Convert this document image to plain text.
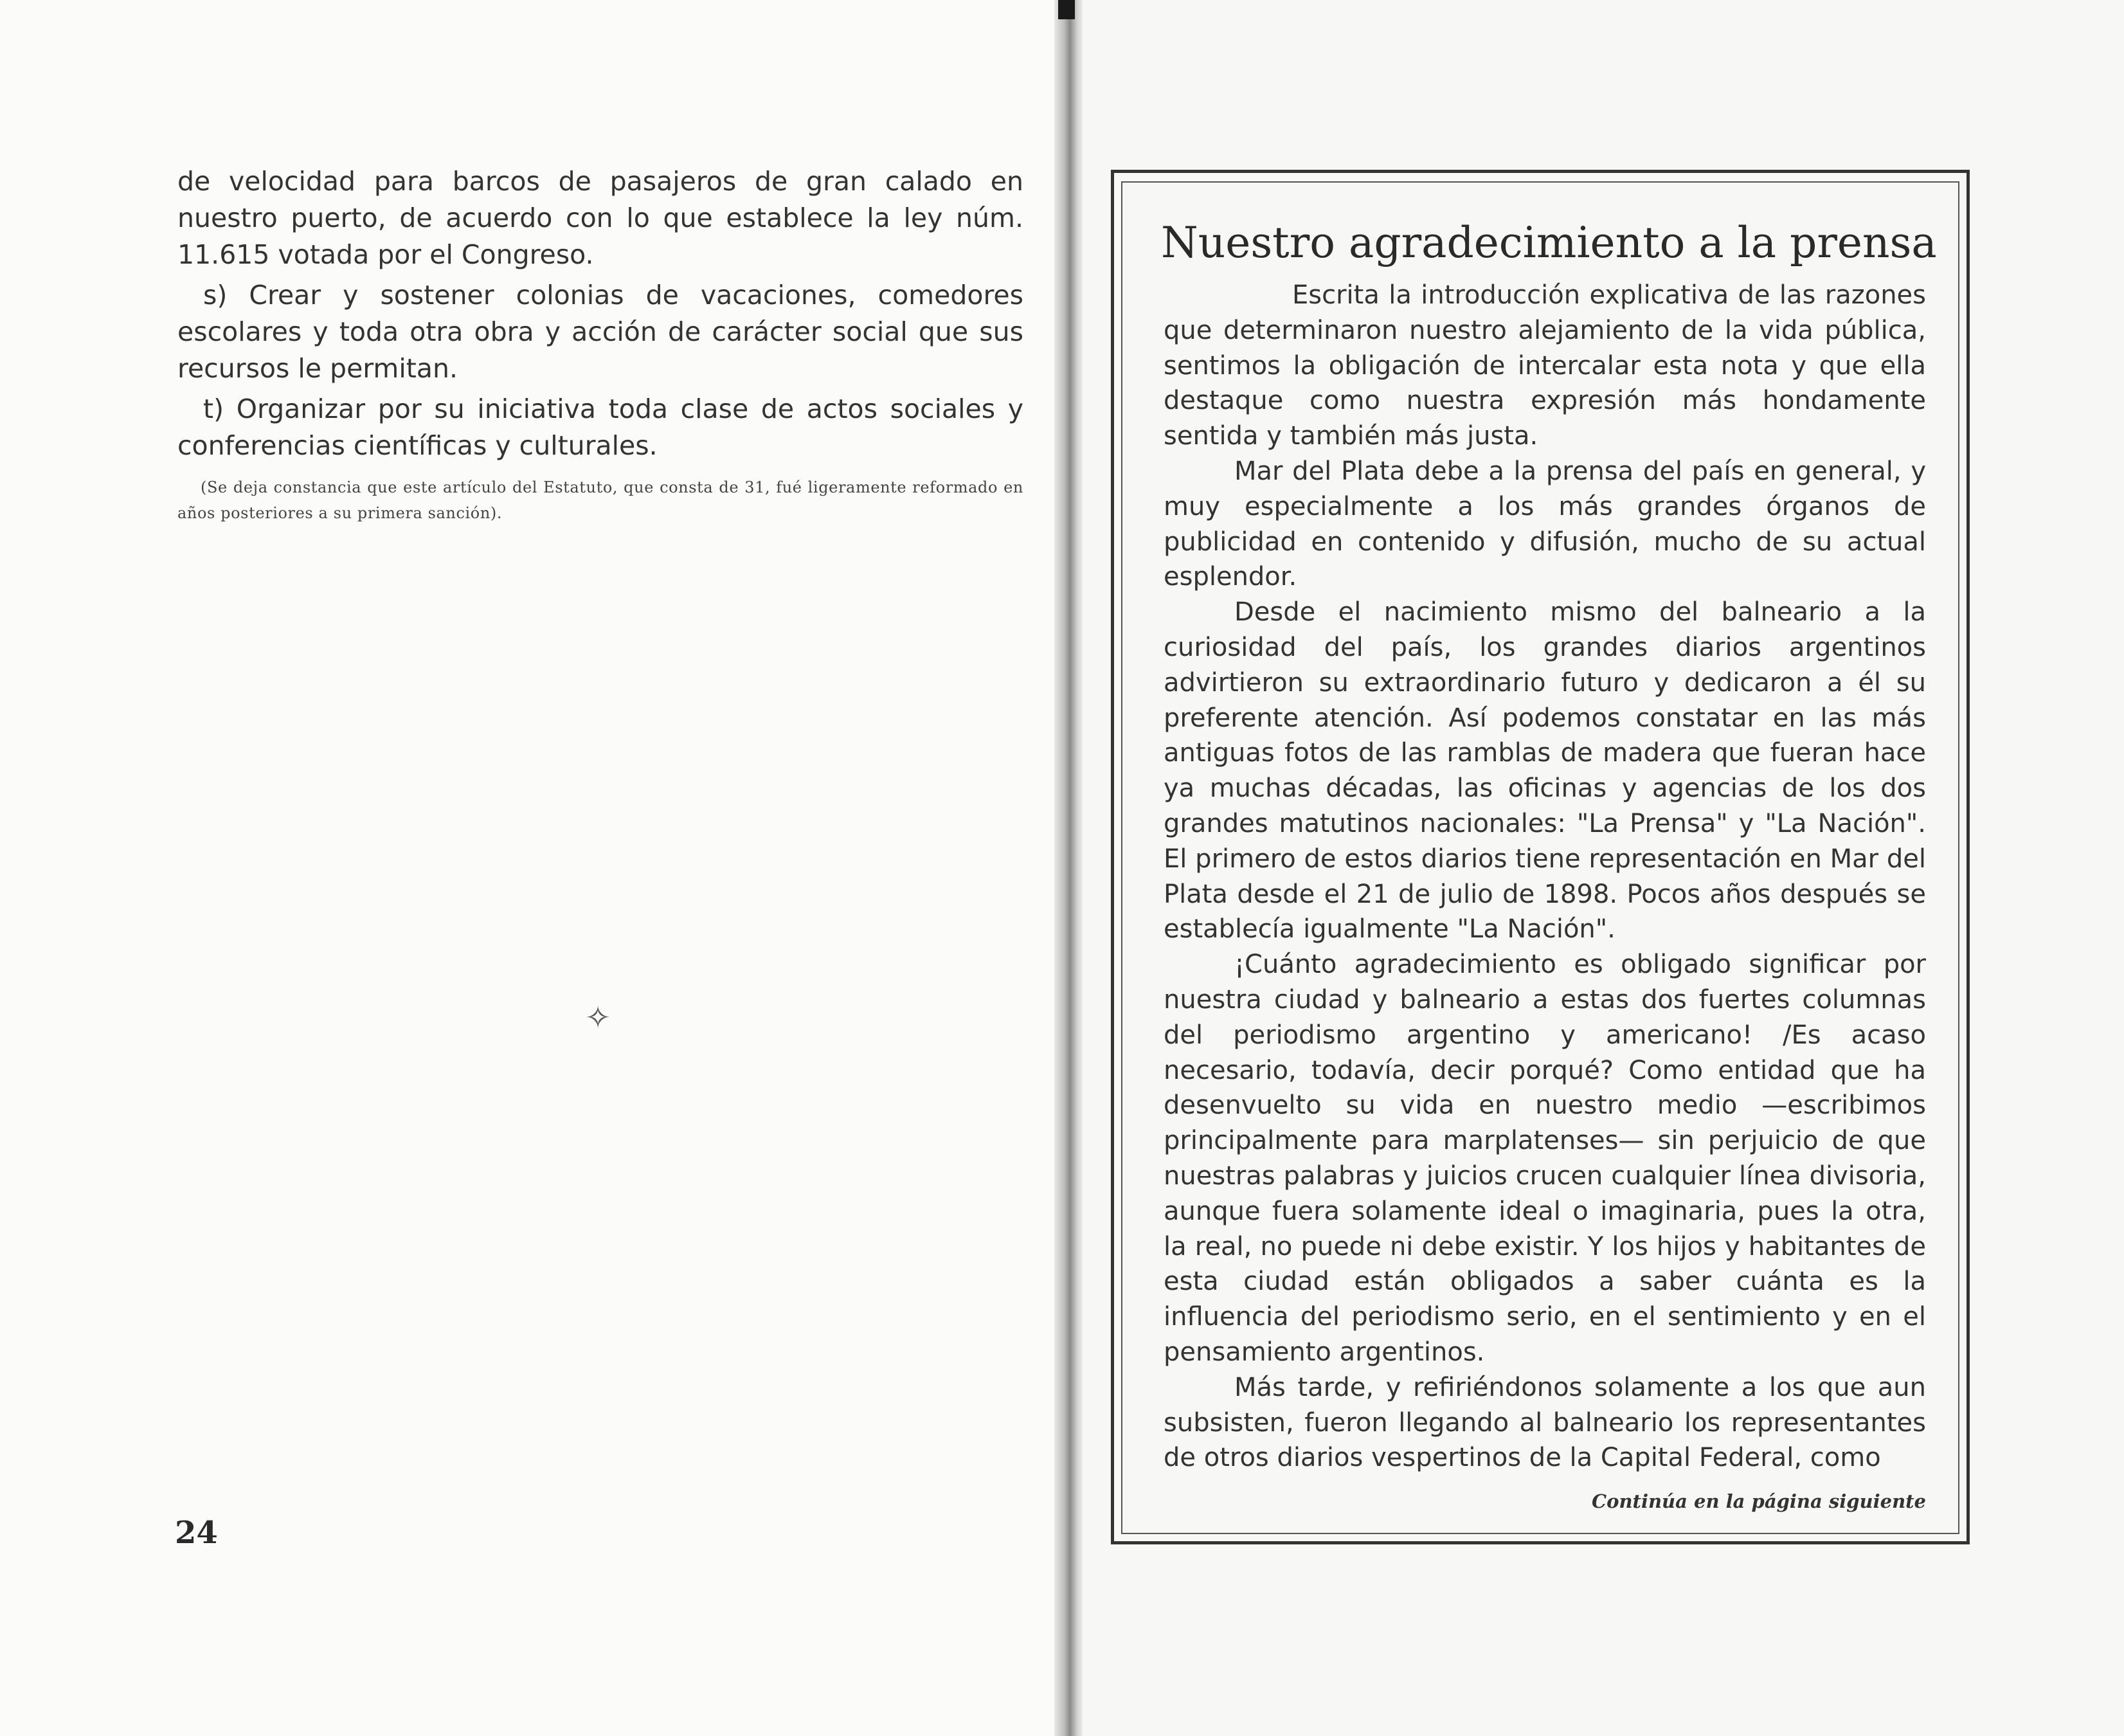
de velocidad para barcos de pasajeros de gran calado en nuestro puerto, de acuerdo con lo que establece la ley núm. 11.615 votada por el Congreso.

s) Crear y sostener colonias de vacaciones, comedores escolares y toda otra obra y acción de carácter social que sus recursos le permitan.

t) Organizar por su iniciativa toda clase de actos sociales y conferencias científicas y culturales.

(Se deja constancia que este artículo del Estatuto, que consta de 31, fué ligeramente reformado en años posteriores a su primera sanción).
✧
24
Nuestro agradecimiento a la prensa

Escrita la introducción explicativa de las razones que determinaron nuestro alejamiento de la vida pública, sentimos la obligación de intercalar esta nota y que ella destaque como nuestra expresión más hondamente sentida y también más justa.

Mar del Plata debe a la prensa del país en general, y muy especialmente a los más grandes órganos de publicidad en contenido y difusión, mucho de su actual esplendor.

Desde el nacimiento mismo del balneario a la curiosidad del país, los grandes diarios argentinos advirtieron su extraordinario futuro y dedicaron a él su preferente atención. Así podemos constatar en las más antiguas fotos de las ramblas de madera que fueran hace ya muchas décadas, las oficinas y agencias de los dos grandes matutinos nacionales: "La Prensa" y "La Nación". El primero de estos diarios tiene representación en Mar del Plata desde el 21 de julio de 1898. Pocos años después se establecía igualmente "La Nación".

¡Cuánto agradecimiento es obligado significar por nuestra ciudad y balneario a estas dos fuertes columnas del periodismo argentino y americano! /Es acaso necesario, todavía, decir porqué? Como entidad que ha desenvuelto su vida en nuestro medio —escribimos principalmente para marplatenses— sin perjuicio de que nuestras palabras y juicios crucen cualquier línea divisoria, aunque fuera solamente ideal o imaginaria, pues la otra, la real, no puede ni debe existir. Y los hijos y habitantes de esta ciudad están obligados a saber cuánta es la influencia del periodismo serio, en el sentimiento y en el pensamiento argentinos.

Más tarde, y refiriéndonos solamente a los que aun subsisten, fueron llegando al balneario los representantes de otros diarios vespertinos de la Capital Federal, como

Continúa en la página siguiente
